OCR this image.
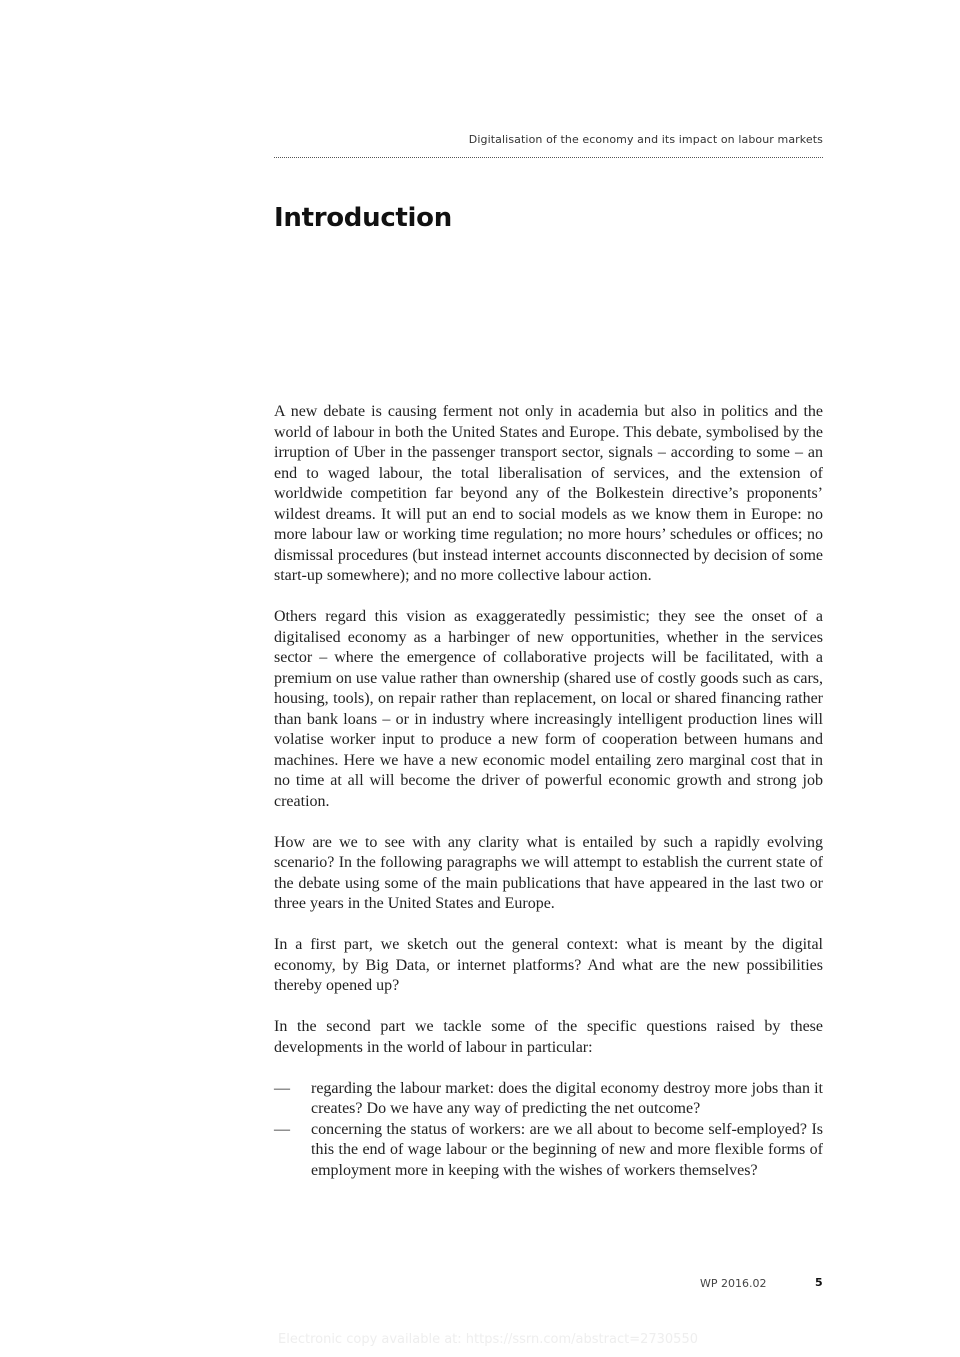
Digitalisation of the economy and its impact on labour markets
Introduction

A new debate is causing ferment not only in academia but also in politics and the world of labour in both the United States and Europe. This debate, symbolised by the irruption of Uber in the passenger transport sector, signals – according to some – an end to waged labour, the total liberalisation of services, and the extension of worldwide competition far beyond any of the Bolkestein directive’s proponents’ wildest dreams. It will put an end to social models as we know them in Europe: no more labour law or working time regulation; no more hours’ schedules or offices; no dismissal procedures (but instead internet accounts disconnected by decision of some start-up somewhere); and no more collective labour action.

Others regard this vision as exaggeratedly pessimistic; they see the onset of a digitalised economy as a harbinger of new opportunities, whether in the services sector – where the emergence of collaborative projects will be facilitated, with a premium on use value rather than ownership (shared use of costly goods such as cars, housing, tools), on repair rather than replacement, on local or shared financing rather than bank loans – or in industry where increasingly intelligent production lines will volatise worker input to produce a new form of cooperation between humans and machines. Here we have a new economic model entailing zero marginal cost that in no time at all will become the driver of powerful economic growth and strong job creation.

How are we to see with any clarity what is entailed by such a rapidly evolving scenario? In the following paragraphs we will attempt to establish the current state of the debate using some of the main publications that have appeared in the last two or three years in the United States and Europe.

In a first part, we sketch out the general context: what is meant by the digital economy, by Big Data, or internet platforms? And what are the new possibilities thereby opened up?

In the second part we tackle some of the specific questions raised by these developments in the world of labour in particular:

— regarding the labour market: does the digital economy destroy more jobs than it creates? Do we have any way of predicting the net outcome?
— concerning the status of workers: are we all about to become self-employed? Is this the end of wage labour or the beginning of new and more flexible forms of employment more in keeping with the wishes of workers themselves?
WP 2016.02	5
Electronic copy available at: https://ssrn.com/abstract=2730550
